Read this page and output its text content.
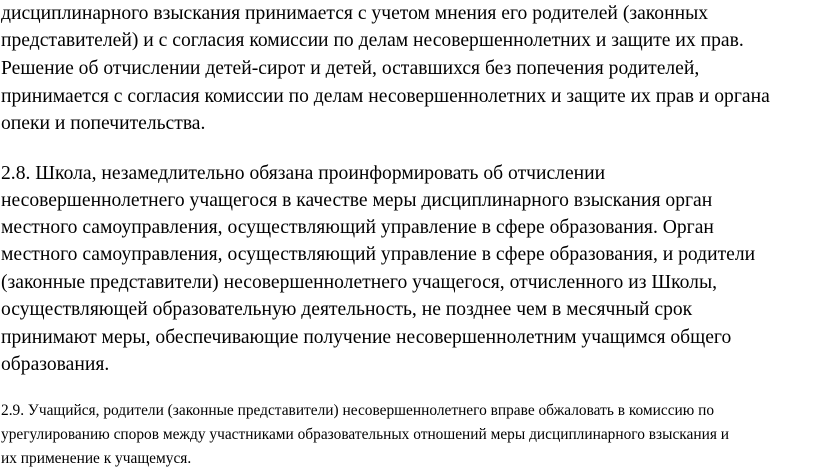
дисциплинарного взыскания принимается с учетом мнения его родителей (законных
представителей) и с согласия комиссии по делам несовершеннолетних и защите их прав.
Решение об отчислении детей-сирот и детей, оставшихся без попечения родителей,
принимается с согласия комиссии по делам несовершеннолетних и защите их прав и органа
опеки и попечительства.
2.8. Школа, незамедлительно обязана проинформировать об отчислении
несовершеннолетнего учащегося в качестве меры дисциплинарного взыскания орган
местного самоуправления, осуществляющий управление в сфере образования. Орган
местного самоуправления, осуществляющий управление в сфере образования, и родители
(законные представители) несовершеннолетнего учащегося, отчисленного из Школы,
осуществляющей образовательную деятельность, не позднее чем в месячный срок
принимают меры, обеспечивающие получение несовершеннолетним учащимся общего
образования.
2.9. Учащийся, родители (законные представители) несовершеннолетнего вправе обжаловать в комиссию по
урегулированию споров между участниками образовательных отношений меры дисциплинарного взыскания и
их применение к учащемуся.
